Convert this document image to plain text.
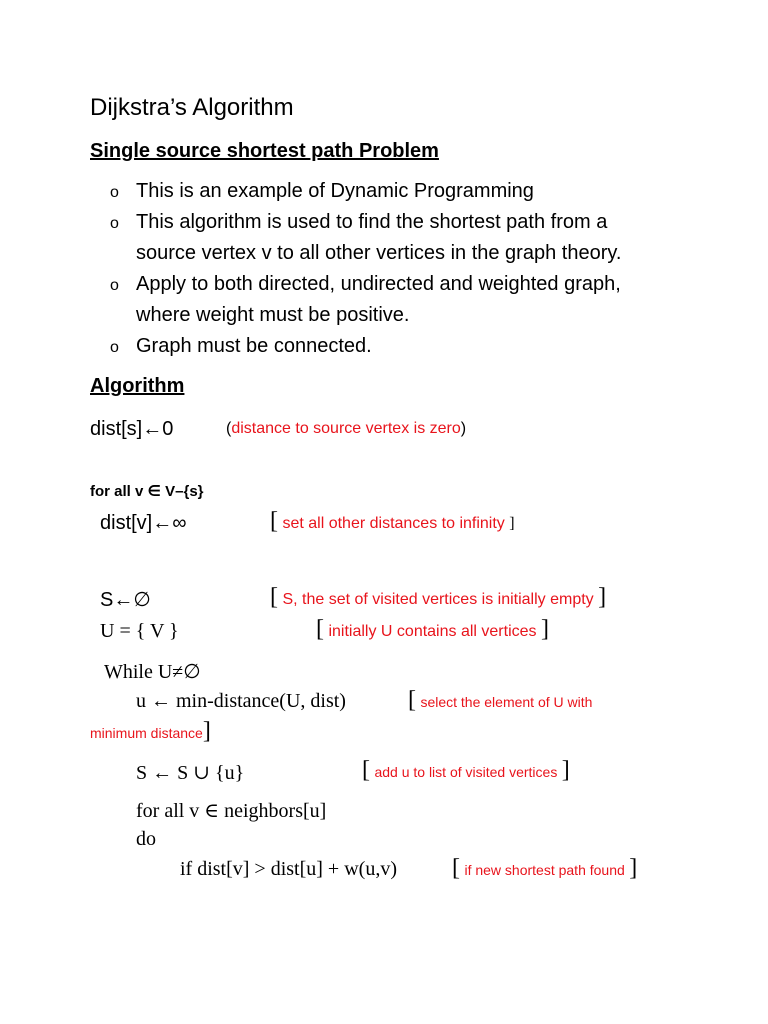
Dijkstra’s Algorithm
Single source shortest path Problem
o This is an example of Dynamic Programming
o This algorithm is used to find the shortest path from a
source vertex v to all other vertices in the graph theory.
o Apply to both directed, undirected and weighted graph,
where weight must be positive.
o Graph must be connected.
Algorithm
dist[s]←0	(distance to source vertex is zero)
for all v ∈ V–{s}
dist[v]←∞	[ set all other distances to infinity ]
S←∅	[ S, the set of visited vertices is initially empty ]
U = { V }	[ initially U contains all vertices ]
While U≠∅
u ← min-distance(U, dist)	[ select the element of U with
minimum distance]
S ← S ∪ {u}	[ add u to list of visited vertices ]
for all v ∈ neighbors[u]
do
if dist[v] > dist[u] + w(u,v) [ if new shortest path found ]
